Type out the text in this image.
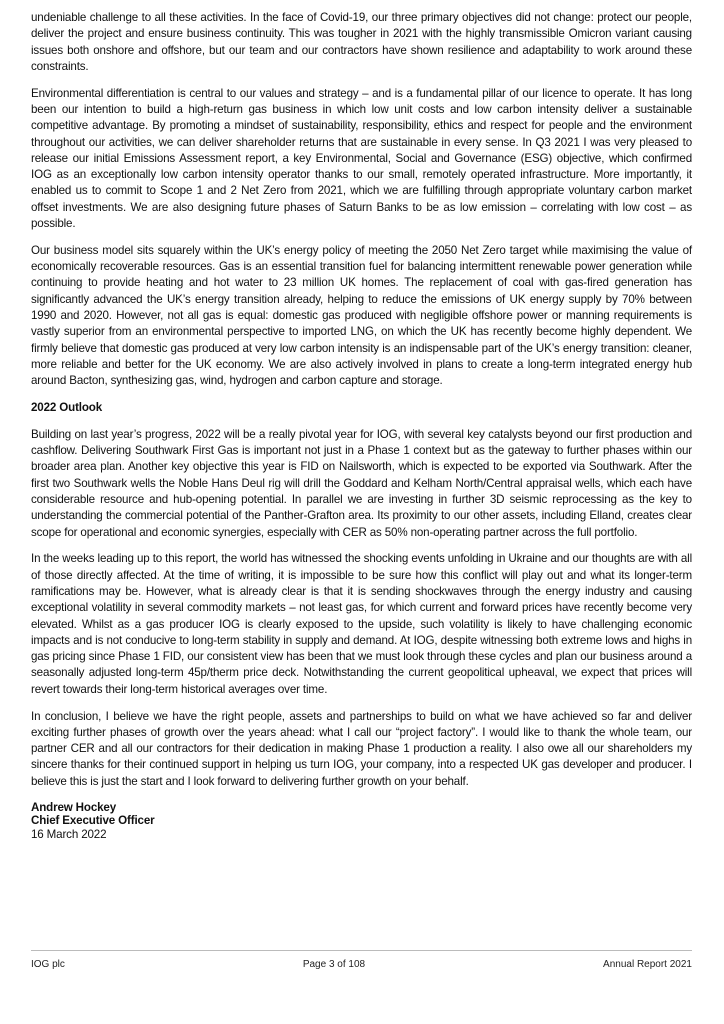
undeniable challenge to all these activities. In the face of Covid-19, our three primary objectives did not change: protect our people, deliver the project and ensure business continuity. This was tougher in 2021 with the highly transmissible Omicron variant causing issues both onshore and offshore, but our team and our contractors have shown resilience and adaptability to work around these constraints.

Environmental differentiation is central to our values and strategy – and is a fundamental pillar of our licence to operate. It has long been our intention to build a high-return gas business in which low unit costs and low carbon intensity deliver a sustainable competitive advantage. By promoting a mindset of sustainability, responsibility, ethics and respect for people and the environment throughout our activities, we can deliver shareholder returns that are sustainable in every sense. In Q3 2021 I was very pleased to release our initial Emissions Assessment report, a key Environmental, Social and Governance (ESG) objective, which confirmed IOG as an exceptionally low carbon intensity operator thanks to our small, remotely operated infrastructure. More importantly, it enabled us to commit to Scope 1 and 2 Net Zero from 2021, which we are fulfilling through appropriate voluntary carbon market offset investments. We are also designing future phases of Saturn Banks to be as low emission – correlating with low cost – as possible.

Our business model sits squarely within the UK’s energy policy of meeting the 2050 Net Zero target while maximising the value of economically recoverable resources. Gas is an essential transition fuel for balancing intermittent renewable power generation while continuing to provide heating and hot water to 23 million UK homes. The replacement of coal with gas-fired generation has significantly advanced the UK’s energy transition already, helping to reduce the emissions of UK energy supply by 70% between 1990 and 2020. However, not all gas is equal: domestic gas produced with negligible offshore power or manning requirements is vastly superior from an environmental perspective to imported LNG, on which the UK has recently become highly dependent. We firmly believe that domestic gas produced at very low carbon intensity is an indispensable part of the UK’s energy transition: cleaner, more reliable and better for the UK economy. We are also actively involved in plans to create a long-term integrated energy hub around Bacton, synthesizing gas, wind, hydrogen and carbon capture and storage.

2022 Outlook

Building on last year’s progress, 2022 will be a really pivotal year for IOG, with several key catalysts beyond our first production and cashflow. Delivering Southwark First Gas is important not just in a Phase 1 context but as the gateway to further phases within our broader area plan. Another key objective this year is FID on Nailsworth, which is expected to be exported via Southwark. After the first two Southwark wells the Noble Hans Deul rig will drill the Goddard and Kelham North/Central appraisal wells, which each have considerable resource and hub-opening potential. In parallel we are investing in further 3D seismic reprocessing as the key to understanding the commercial potential of the Panther-Grafton area. Its proximity to our other assets, including Elland, creates clear scope for operational and economic synergies, especially with CER as 50% non-operating partner across the full portfolio.

In the weeks leading up to this report, the world has witnessed the shocking events unfolding in Ukraine and our thoughts are with all of those directly affected. At the time of writing, it is impossible to be sure how this conflict will play out and what its longer-term ramifications may be. However, what is already clear is that it is sending shockwaves through the energy industry and causing exceptional volatility in several commodity markets – not least gas, for which current and forward prices have recently become very elevated. Whilst as a gas producer IOG is clearly exposed to the upside, such volatility is likely to have challenging economic impacts and is not conducive to long-term stability in supply and demand. At IOG, despite witnessing both extreme lows and highs in gas pricing since Phase 1 FID, our consistent view has been that we must look through these cycles and plan our business around a seasonally adjusted long-term 45p/therm price deck. Notwithstanding the current geopolitical upheaval, we expect that prices will revert towards their long-term historical averages over time.

In conclusion, I believe we have the right people, assets and partnerships to build on what we have achieved so far and deliver exciting further phases of growth over the years ahead: what I call our “project factory”. I would like to thank the whole team, our partner CER and all our contractors for their dedication in making Phase 1 production a reality. I also owe all our shareholders my sincere thanks for their continued support in helping us turn IOG, your company, into a respected UK gas developer and producer. I believe this is just the start and I look forward to delivering further growth on your behalf.

Andrew Hockey
Chief Executive Officer
16 March 2022
IOG plc	Page 3 of 108	Annual Report 2021
